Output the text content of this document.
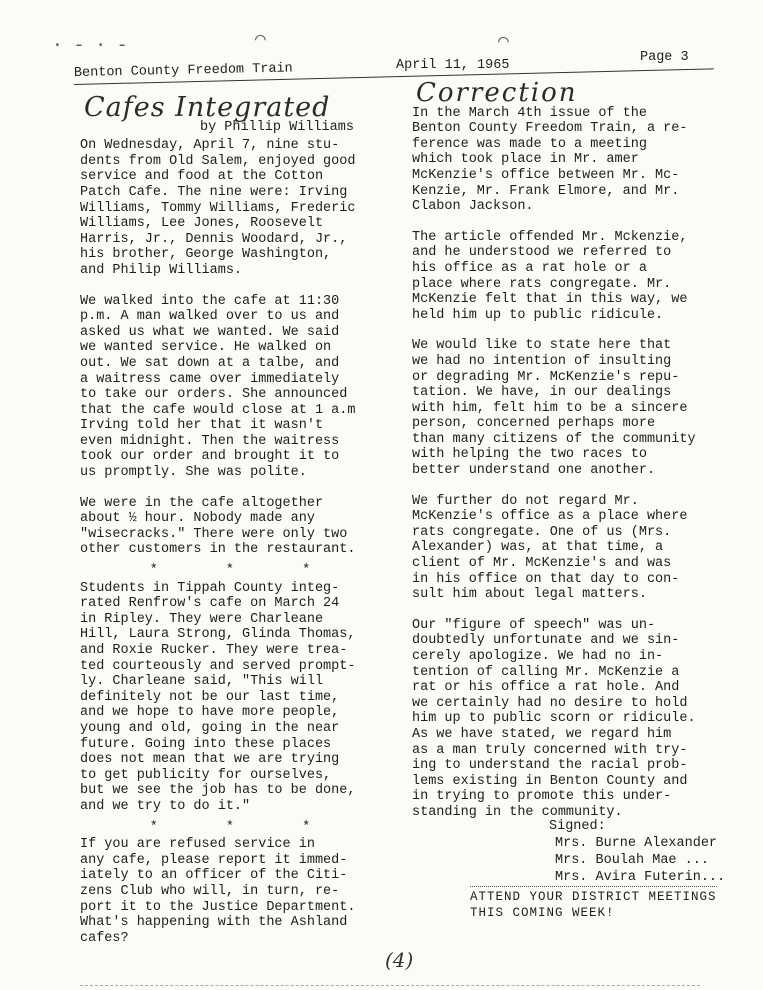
· - · -	⌒	⌒
Benton County Freedom Train	April 11, 1965
Page 3
Cafes Integrated
by Phillip Williams
On Wednesday, April 7, nine stu-
dents from Old Salem, enjoyed good
service and food at the Cotton
Patch Cafe. The nine were: Irving
Williams, Tommy Williams, Frederic
Williams, Lee Jones, Roosevelt
Harris, Jr., Dennis Woodard, Jr.,
his brother, George Washington,
and Philip Williams.
We walked into the cafe at 11:30
p.m. A man walked over to us and
asked us what we wanted. We said
we wanted service. He walked on
out. We sat down at a talbe, and
a waitress came over immediately
to take our orders. She announced
that the cafe would close at 1 a.m
Irving told her that it wasn't
even midnight. Then the waitress
took our order and brought it to
us promptly. She was polite.
We were in the cafe altogether
about ½ hour. Nobody made any
"wisecracks." There were only two
other customers in the restaurant.
* * *
Students in Tippah County integ-
rated Renfrow's cafe on March 24
in Ripley. They were Charleane
Hill, Laura Strong, Glinda Thomas,
and Roxie Rucker. They were trea-
ted courteously and served prompt-
ly. Charleane said, "This will
definitely not be our last time,
and we hope to have more people,
young and old, going in the near
future. Going into these places
does not mean that we are trying
to get publicity for ourselves,
but we see the job has to be done,
and we try to do it."
* * *
If you are refused service in
any cafe, please report it immed-
iately to an officer of the Citi-
zens Club who will, in turn, re-
port it to the Justice Department.
What's happening with the Ashland
cafes?
Correction
In the March 4th issue of the
Benton County Freedom Train, a re-
ference was made to a meeting
which took place in Mr. amer
McKenzie's office between Mr. Mc-
Kenzie, Mr. Frank Elmore, and Mr.
Clabon Jackson.
The article offended Mr. Mckenzie,
and he understood we referred to
his office as a rat hole or a
place where rats congregate. Mr.
McKenzie felt that in this way, we
held him up to public ridicule.
We would like to state here that
we had no intention of insulting
or degrading Mr. McKenzie's repu-
tation. We have, in our dealings
with him, felt him to be a sincere
person, concerned perhaps more
than many citizens of the community
with helping the two races to
better understand one another.
We further do not regard Mr.
McKenzie's office as a place where
rats congregate. One of us (Mrs.
Alexander) was, at that time, a
client of Mr. McKenzie's and was
in his office on that day to con-
sult him about legal matters.
Our "figure of speech" was un-
doubtedly unfortunate and we sin-
cerely apologize. We had no in-
tention of calling Mr. McKenzie a
rat or his office a rat hole. And
we certainly had no desire to hold
him up to public scorn or ridicule.
As we have stated, we regard him
as a man truly concerned with try-
ing to understand the racial prob-
lems existing in Benton County and
in trying to promote this under-
standing in the community.
Signed:
Mrs. Burne Alexander
Mrs. Boulah Mae ...
Mrs. Avira Futerin...
ATTEND YOUR DISTRICT MEETINGS
THIS COMING WEEK!
(4)
